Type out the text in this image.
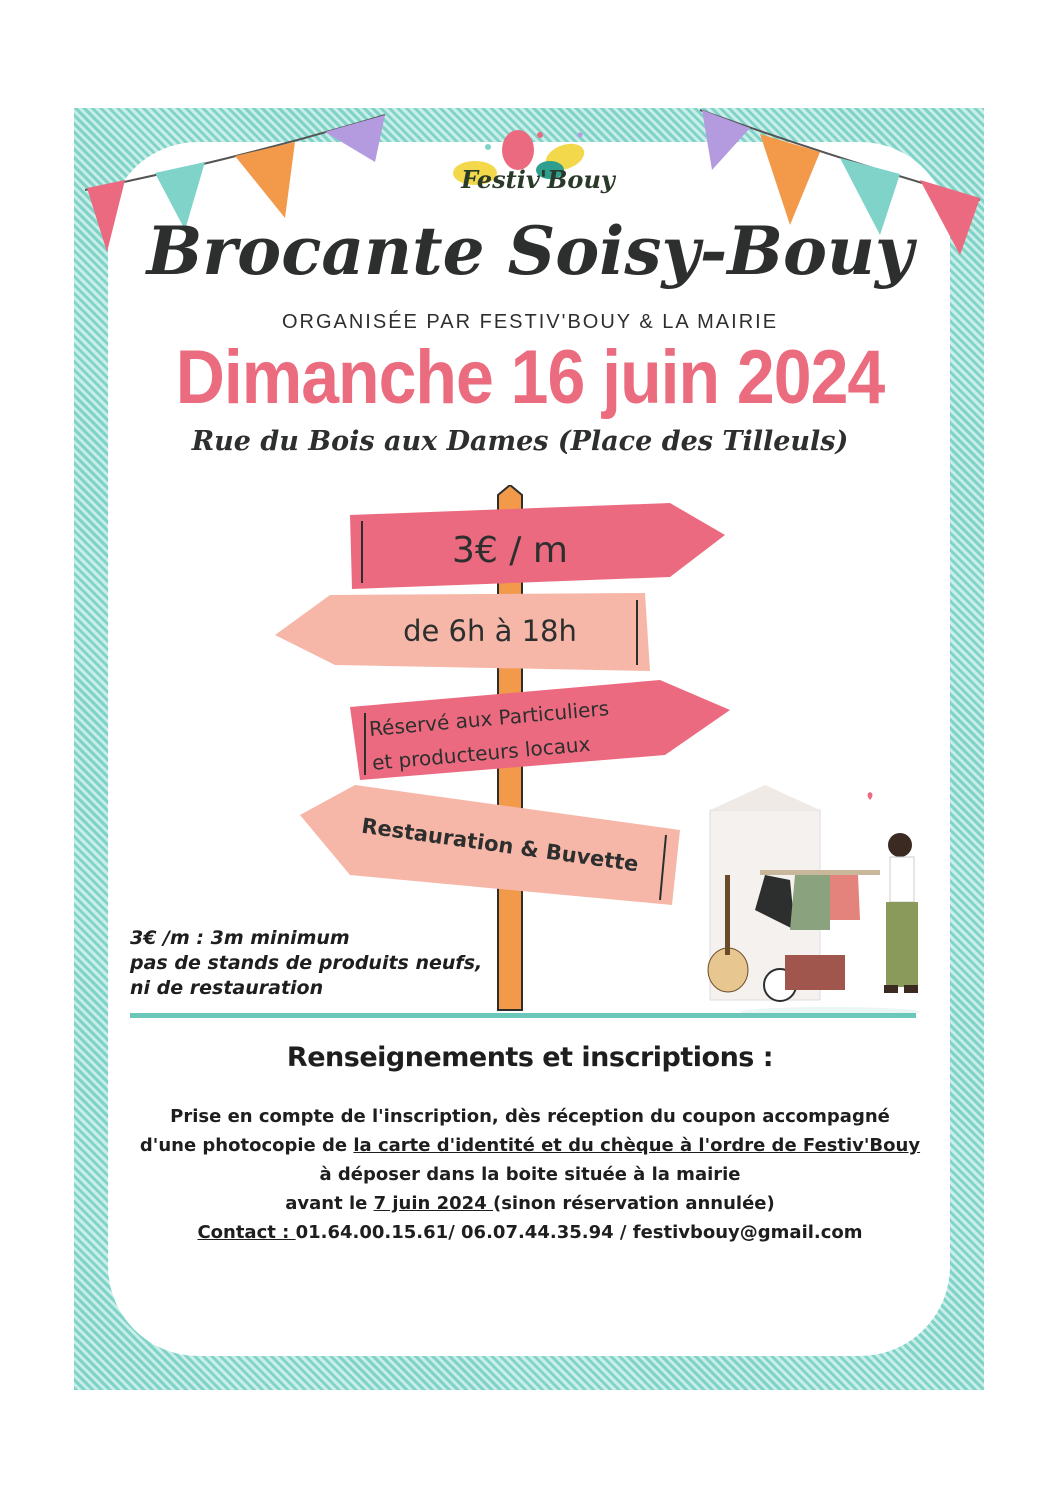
Festiv'Bouy
Brocante Soisy-Bouy
ORGANISÉE PAR FESTIV'BOUY & LA MAIRIE
Dimanche 16 juin 2024
Rue du Bois aux Dames (Place des Tilleuls)
3€ / m
de 6h à 18h
Réservé aux Particuliers
et producteurs locaux
Restauration & Buvette
3€ /m : 3m minimum
pas de stands de produits neufs,
ni de restauration
Renseignements et inscriptions :

Prise en compte de l'inscription, dès réception du coupon accompagné

d'une photocopie de la carte d'identité et du chèque à l'ordre de Festiv'Bouy

à déposer dans la boite située à la mairie

avant le 7 juin 2024 (sinon réservation annulée)

Contact : 01.64.00.15.61/ 06.07.44.35.94 / festivbouy@gmail.com
